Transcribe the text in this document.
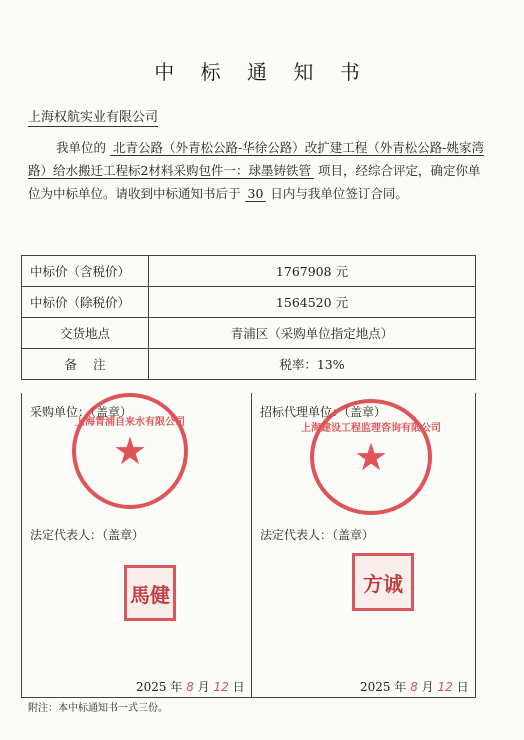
中 标 通 知 书
上海权航实业有限公司
我单位的 北青公路（外青松公路-华徐公路）改扩建工程（外青松公路-姚家湾路）给水搬迁工程标2材料采购包件一：球墨铸铁管 项目，经综合评定，确定你单位为中标单位。请收到中标通知书后于 30 日内与我单位签订合同。
中标价（含税价）	1767908 元
中标价（除税价）	1564520 元
交货地点	青浦区（采购单位指定地点）
备    注	税率：13%
采购单位：（盖章）
上海青浦自来水有限公司
★
法定代表人：（盖章）
馬健
2025 年 8 月 12 日
招标代理单位：（盖章）
上海建设工程监理咨询有限公司
★
法定代表人：（盖章）
方诚
2025 年 8 月 12 日
附注：本中标通知书一式三份。
